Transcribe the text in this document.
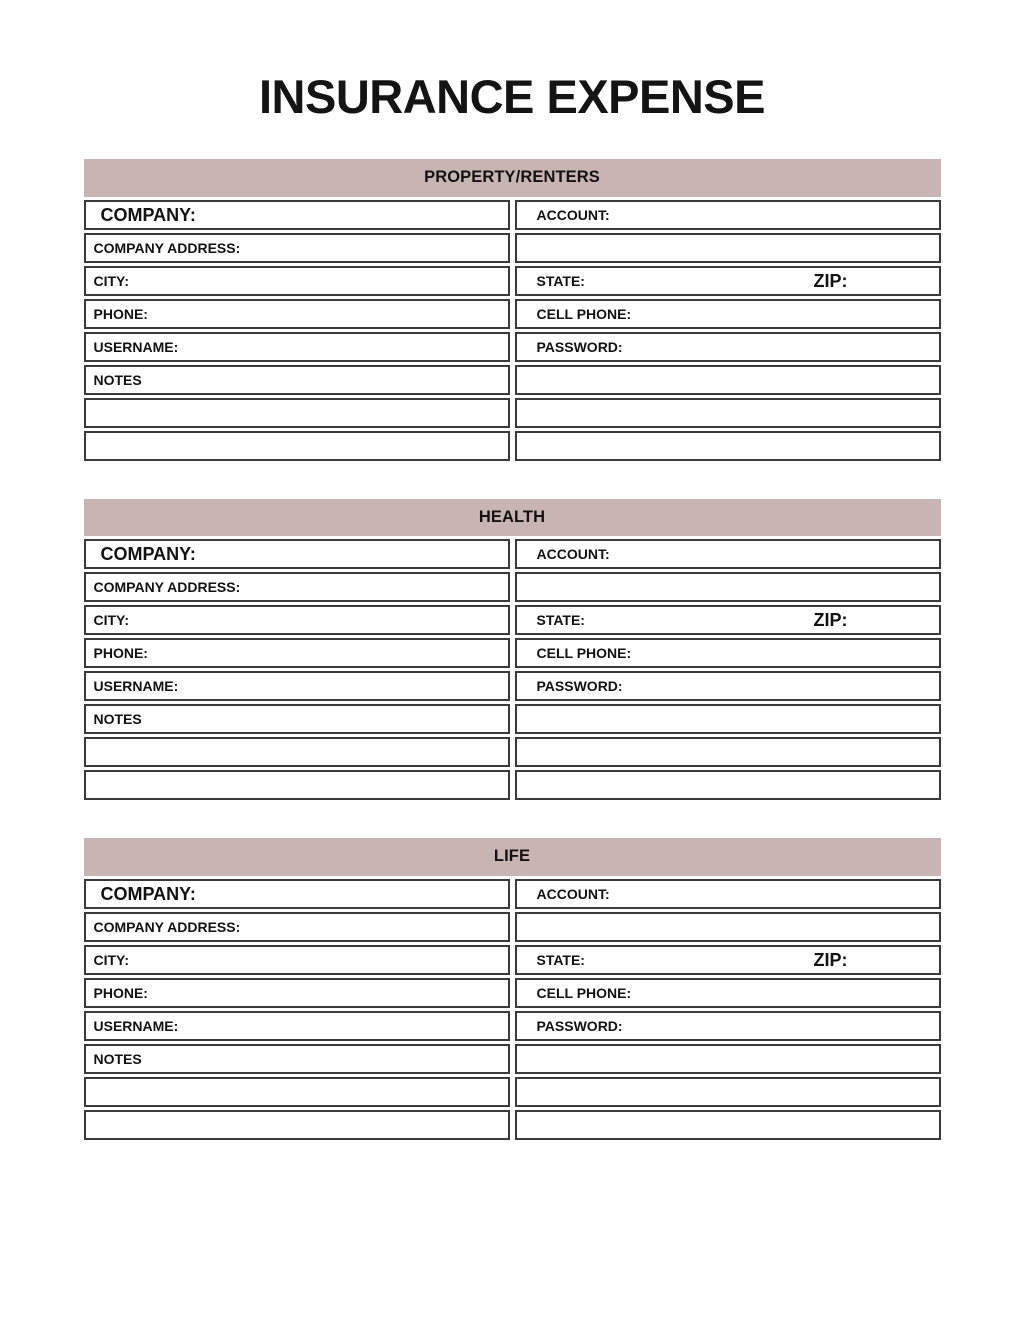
INSURANCE EXPENSE
PROPERTY/RENTERS
COMPANY:	ACCOUNT:
COMPANY ADDRESS:
CITY:	STATE:	ZIP:
PHONE:	CELL PHONE:
USERNAME:	PASSWORD:
NOTES
HEALTH
COMPANY:	ACCOUNT:
COMPANY ADDRESS:
CITY:	STATE:	ZIP:
PHONE:	CELL PHONE:
USERNAME:	PASSWORD:
NOTES
LIFE
COMPANY:	ACCOUNT:
COMPANY ADDRESS:
CITY:	STATE:	ZIP:
PHONE:	CELL PHONE:
USERNAME:	PASSWORD:
NOTES
